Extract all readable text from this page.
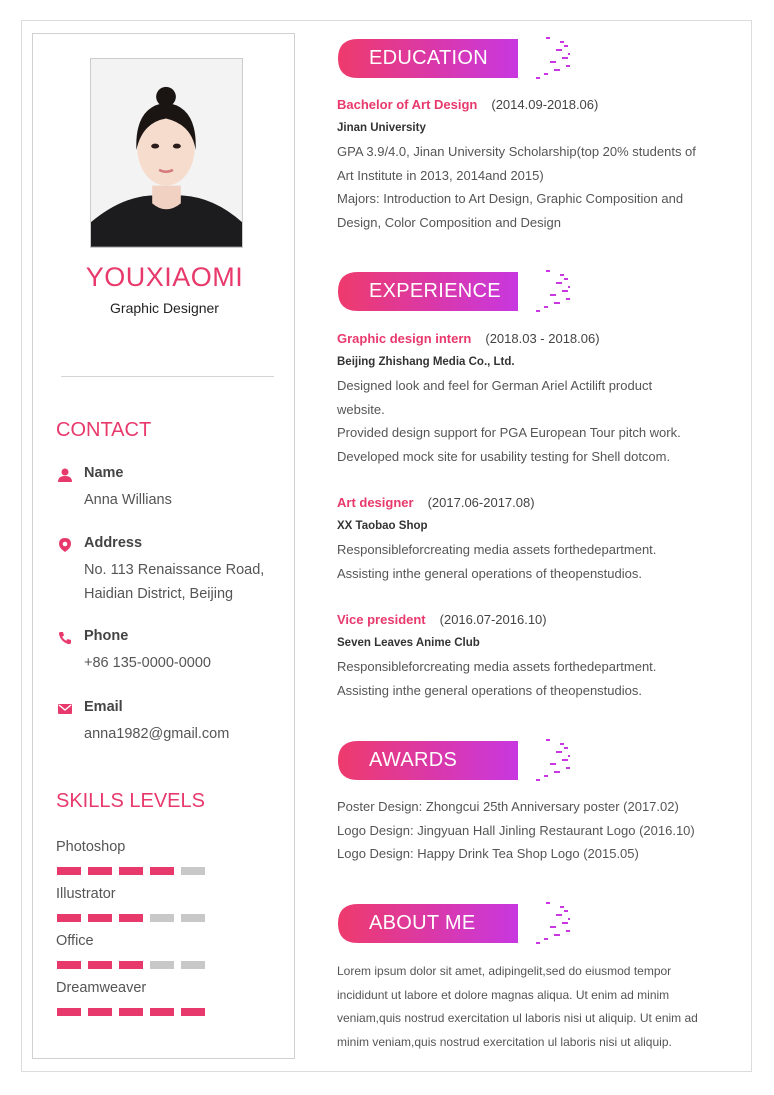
YOUXIAOMI
Graphic Designer
CONTACT
Name
Anna Willians
Address
No. 113 Renaissance Road,
Haidian District, Beijing
Phone
+86 135-0000-0000
Email
anna1982@gmail.com
SKILLS LEVELS
Photoshop
Illustrator
Office
Dreamweaver
EDUCATION
Bachelor of Art Design (2014.09-2018.06)
Jinan University
GPA 3.9/4.0, Jinan University Scholarship(top 20% students of
Art Institute in 2013, 2014and 2015)
Majors: Introduction to Art Design, Graphic Composition and
Design, Color Composition and Design
EXPERIENCE
Graphic design intern (2018.03 - 2018.06)
Beijing Zhishang Media Co., Ltd.
Designed look and feel for German Ariel Actilift product
website.
Provided design support for PGA European Tour pitch work.
Developed mock site for usability testing for Shell dotcom.
Art designer (2017.06-2017.08)
XX Taobao Shop
Responsibleforcreating media assets forthedepartment.
Assisting inthe general operations of theopenstudios.
Vice president (2016.07-2016.10)
Seven Leaves Anime Club
Responsibleforcreating media assets forthedepartment.
Assisting inthe general operations of theopenstudios.
AWARDS
Poster Design: Zhongcui 25th Anniversary poster (2017.02)
Logo Design: Jingyuan Hall Jinling Restaurant Logo (2016.10)
Logo Design: Happy Drink Tea Shop Logo (2015.05)
ABOUT ME
Lorem ipsum dolor sit amet, adipingelit,sed do eiusmod tempor
incididunt ut labore et dolore magnas aliqua. Ut enim ad minim
veniam,quis nostrud exercitation ul laboris nisi ut aliquip. Ut enim ad
minim veniam,quis nostrud exercitation ul laboris nisi ut aliquip.
